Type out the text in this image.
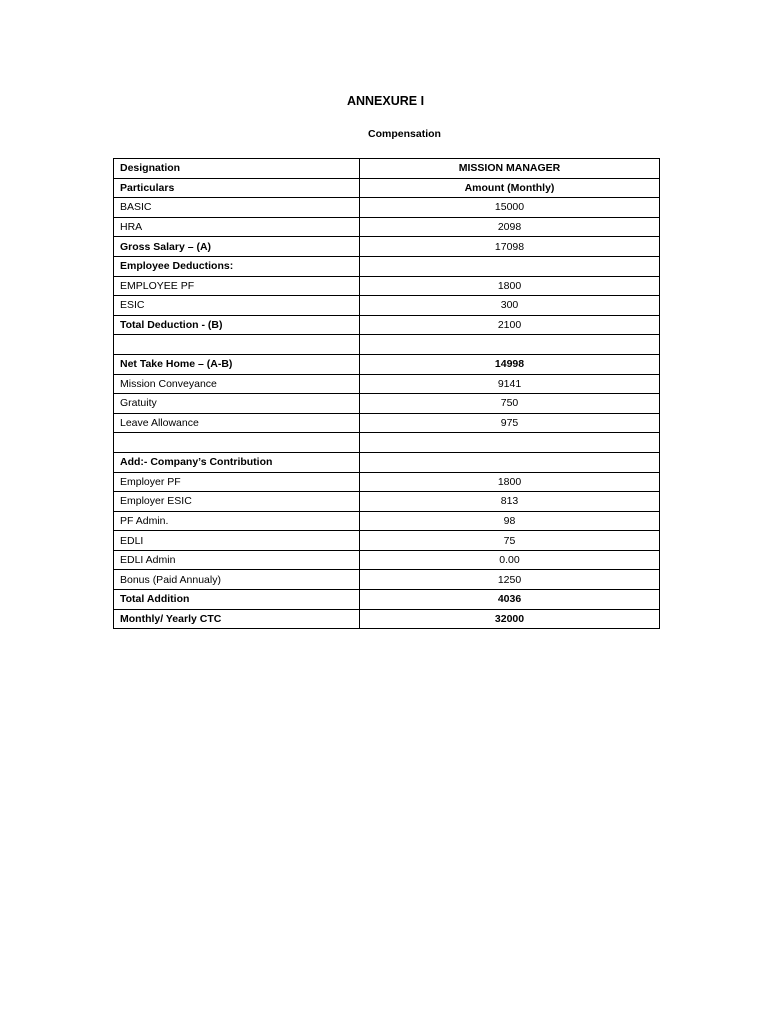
ANNEXURE I
Compensation
Designation	MISSION MANAGER
Particulars	Amount (Monthly)
BASIC	15000
HRA	2098
Gross Salary – (A)	17098
Employee Deductions:	
EMPLOYEE PF	1800
ESIC	300
Total Deduction - (B)	2100

Net Take Home – (A-B)	14998
Mission Conveyance	9141
Gratuity	750
Leave Allowance	975

Add:- Company’s Contribution	
Employer PF	1800
Employer ESIC	813
PF Admin.	98
EDLI	75
EDLI Admin	0.00
Bonus (Paid Annualy)	1250
Total Addition	4036
Monthly/ Yearly CTC	32000
